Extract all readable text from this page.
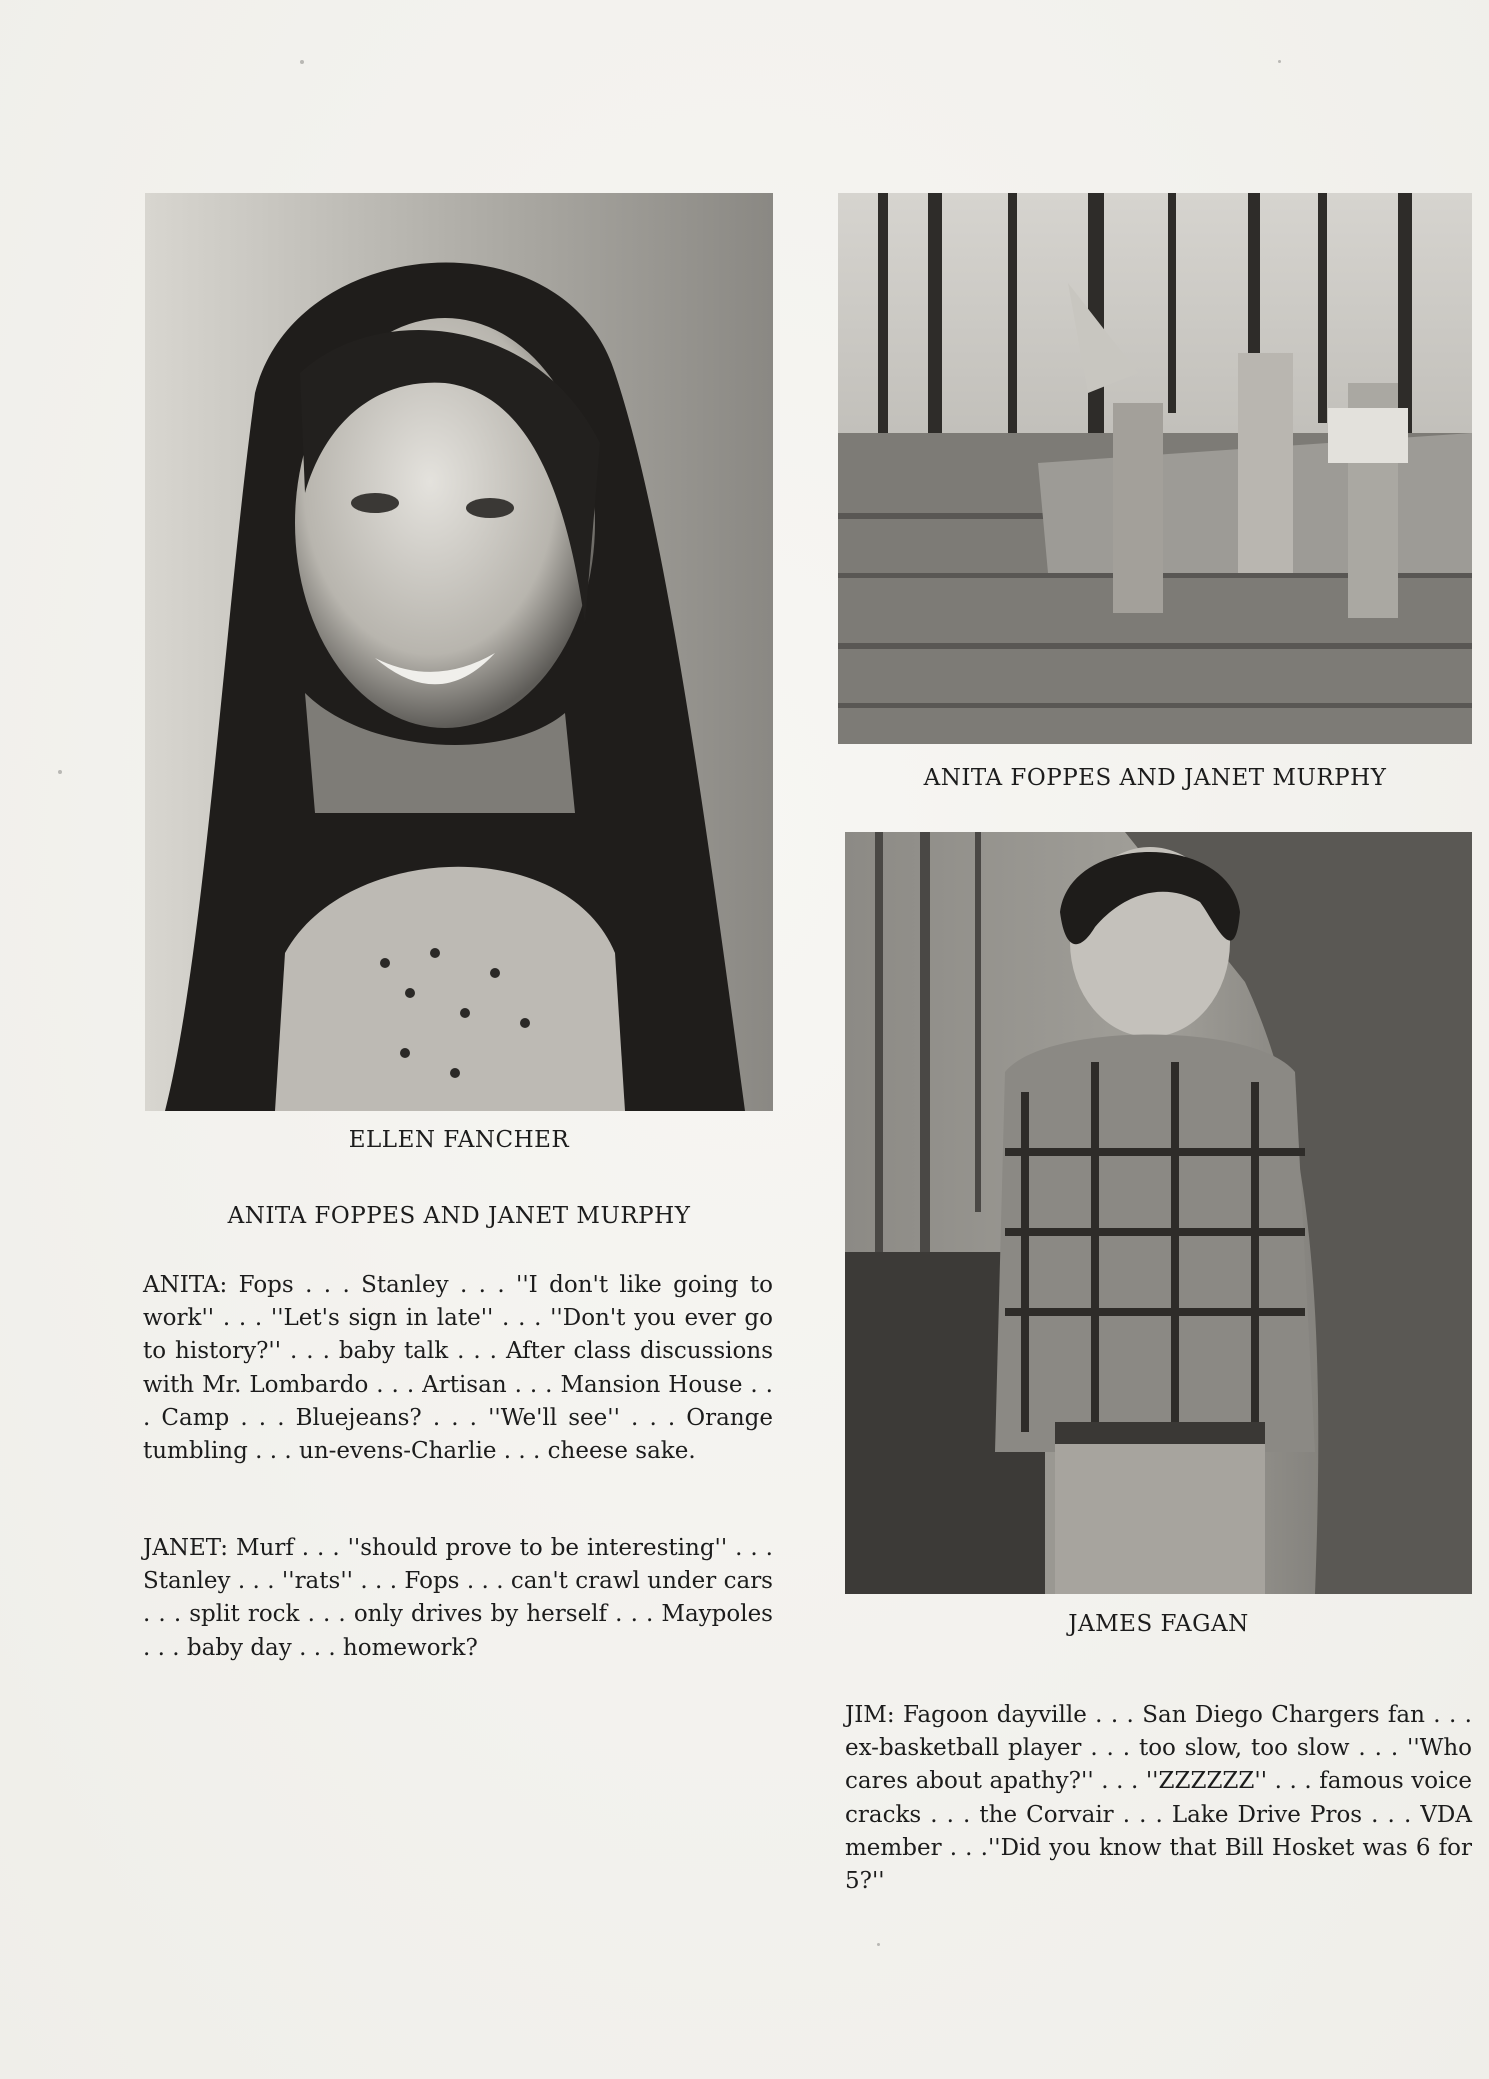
ELLEN FANCHER
ANITA FOPPES AND JANET MURPHY
JAMES FAGAN
ANITA FOPPES AND JANET MURPHY

ANITA: Fops . . . Stanley . . . ''I don't like going to work'' . . . ''Let's sign in late'' . . . ''Don't you ever go to history?'' . . . baby talk . . . After class discussions with Mr. Lombardo . . . Artisan . . . Mansion House . . . Camp . . . Bluejeans? . . . ''We'll see'' . . . Orange tumbling . . . un-evens-Charlie . . . cheese sake.

JANET: Murf . . . ''should prove to be interesting'' . . . Stanley . . . ''rats'' . . . Fops . . . can't crawl under cars . . . split rock . . . only drives by herself . . . Maypoles . . . baby day . . . homework?

JIM: Fagoon dayville . . . San Diego Chargers fan . . . ex-basketball player . . . too slow, too slow . . . ''Who cares about apathy?'' . . . ''ZZZZZZ'' . . . famous voice cracks . . . the Corvair . . . Lake Drive Pros . . . VDA member . . .''Did you know that Bill Hosket was 6 for 5?''
